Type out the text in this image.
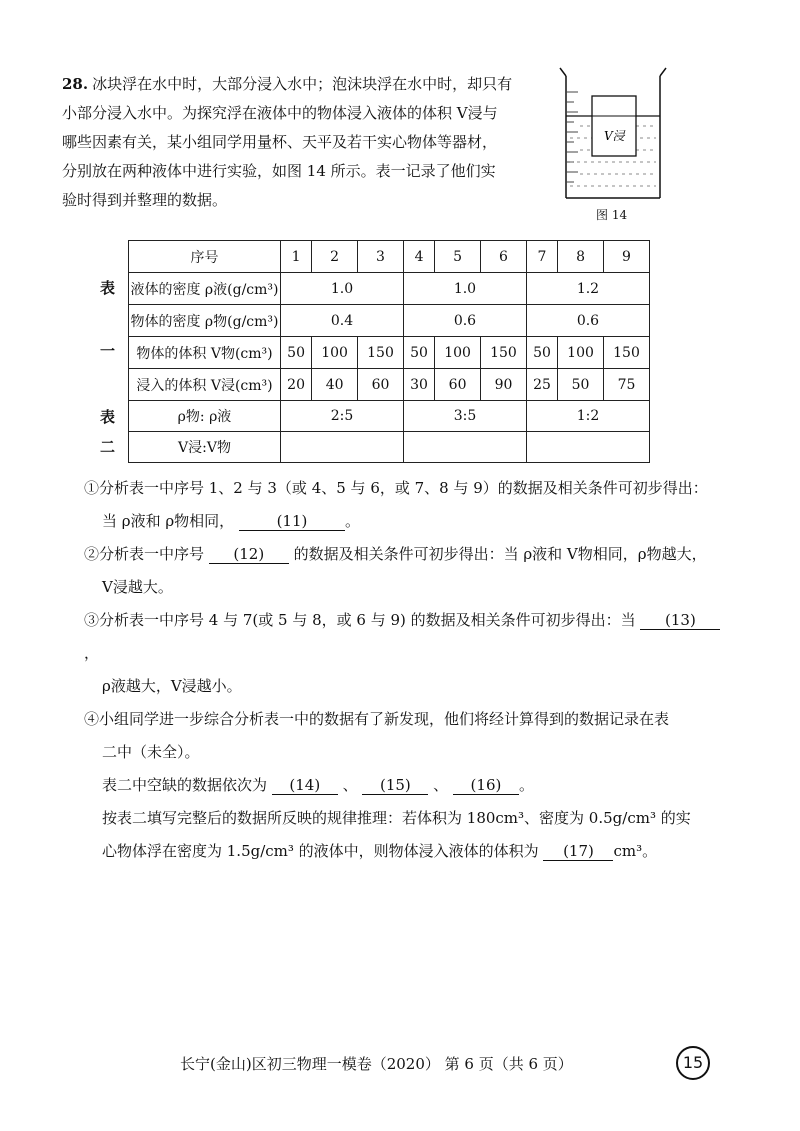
28. 冰块浮在水中时，大部分浸入水中；泡沫块浮在水中时，却只有
小部分浸入水中。为探究浮在液体中的物体浸入液体的体积 V浸与
哪些因素有关，某小组同学用量杯、天平及若干实心物体等器材，
分别放在两种液体中进行实验，如图 14 所示。表一记录了他们实
验时得到并整理的数据。
V浸
图 14
表
一
序号	1	2	3	4	5	6	7	8	9
液体的密度 ρ液(g/cm³)	1.0			1.0			1.2		
物体的密度 ρ物(g/cm³)	0.4			0.6			0.6		
物体的体积 V物(cm³)	50	100	150	50	100	150	50	100	150
浸入的体积 V浸(cm³)	20	40	60	30	60	90	25	50	75
表
二
ρ物: ρ液	2:5	3:5	1:2
V浸:V物			

①分析表一中序号 1、2 与 3（或 4、5 与 6，或 7、8 与 9）的数据及相关条件可初步得出：

当 ρ液和 ρ物相同，	(11)	。

②分析表一中序号 (12) 的数据及相关条件可初步得出：当 ρ液和 V物相同，ρ物越大，

V浸越大。

③分析表一中序号 4 与 7(或 5 与 8，或 6 与 9) 的数据及相关条件可初步得出：当 (13)，

ρ液越大，V浸越小。

④小组同学进一步综合分析表一中的数据有了新发现，他们将经计算得到的数据记录在表

二中（未全）。

表二中空缺的数据依次为 (14) 、 (15) 、 (16) 。

按表二填写完整后的数据所反映的规律推理：若体积为 180cm³、密度为 0.5g/cm³ 的实

心物体浮在密度为 1.5g/cm³ 的液体中，则物体浸入液体的体积为 (17) cm³。

长宁(金山)区初三物理一模卷（2020） 第 6 页（共 6 页）	15
